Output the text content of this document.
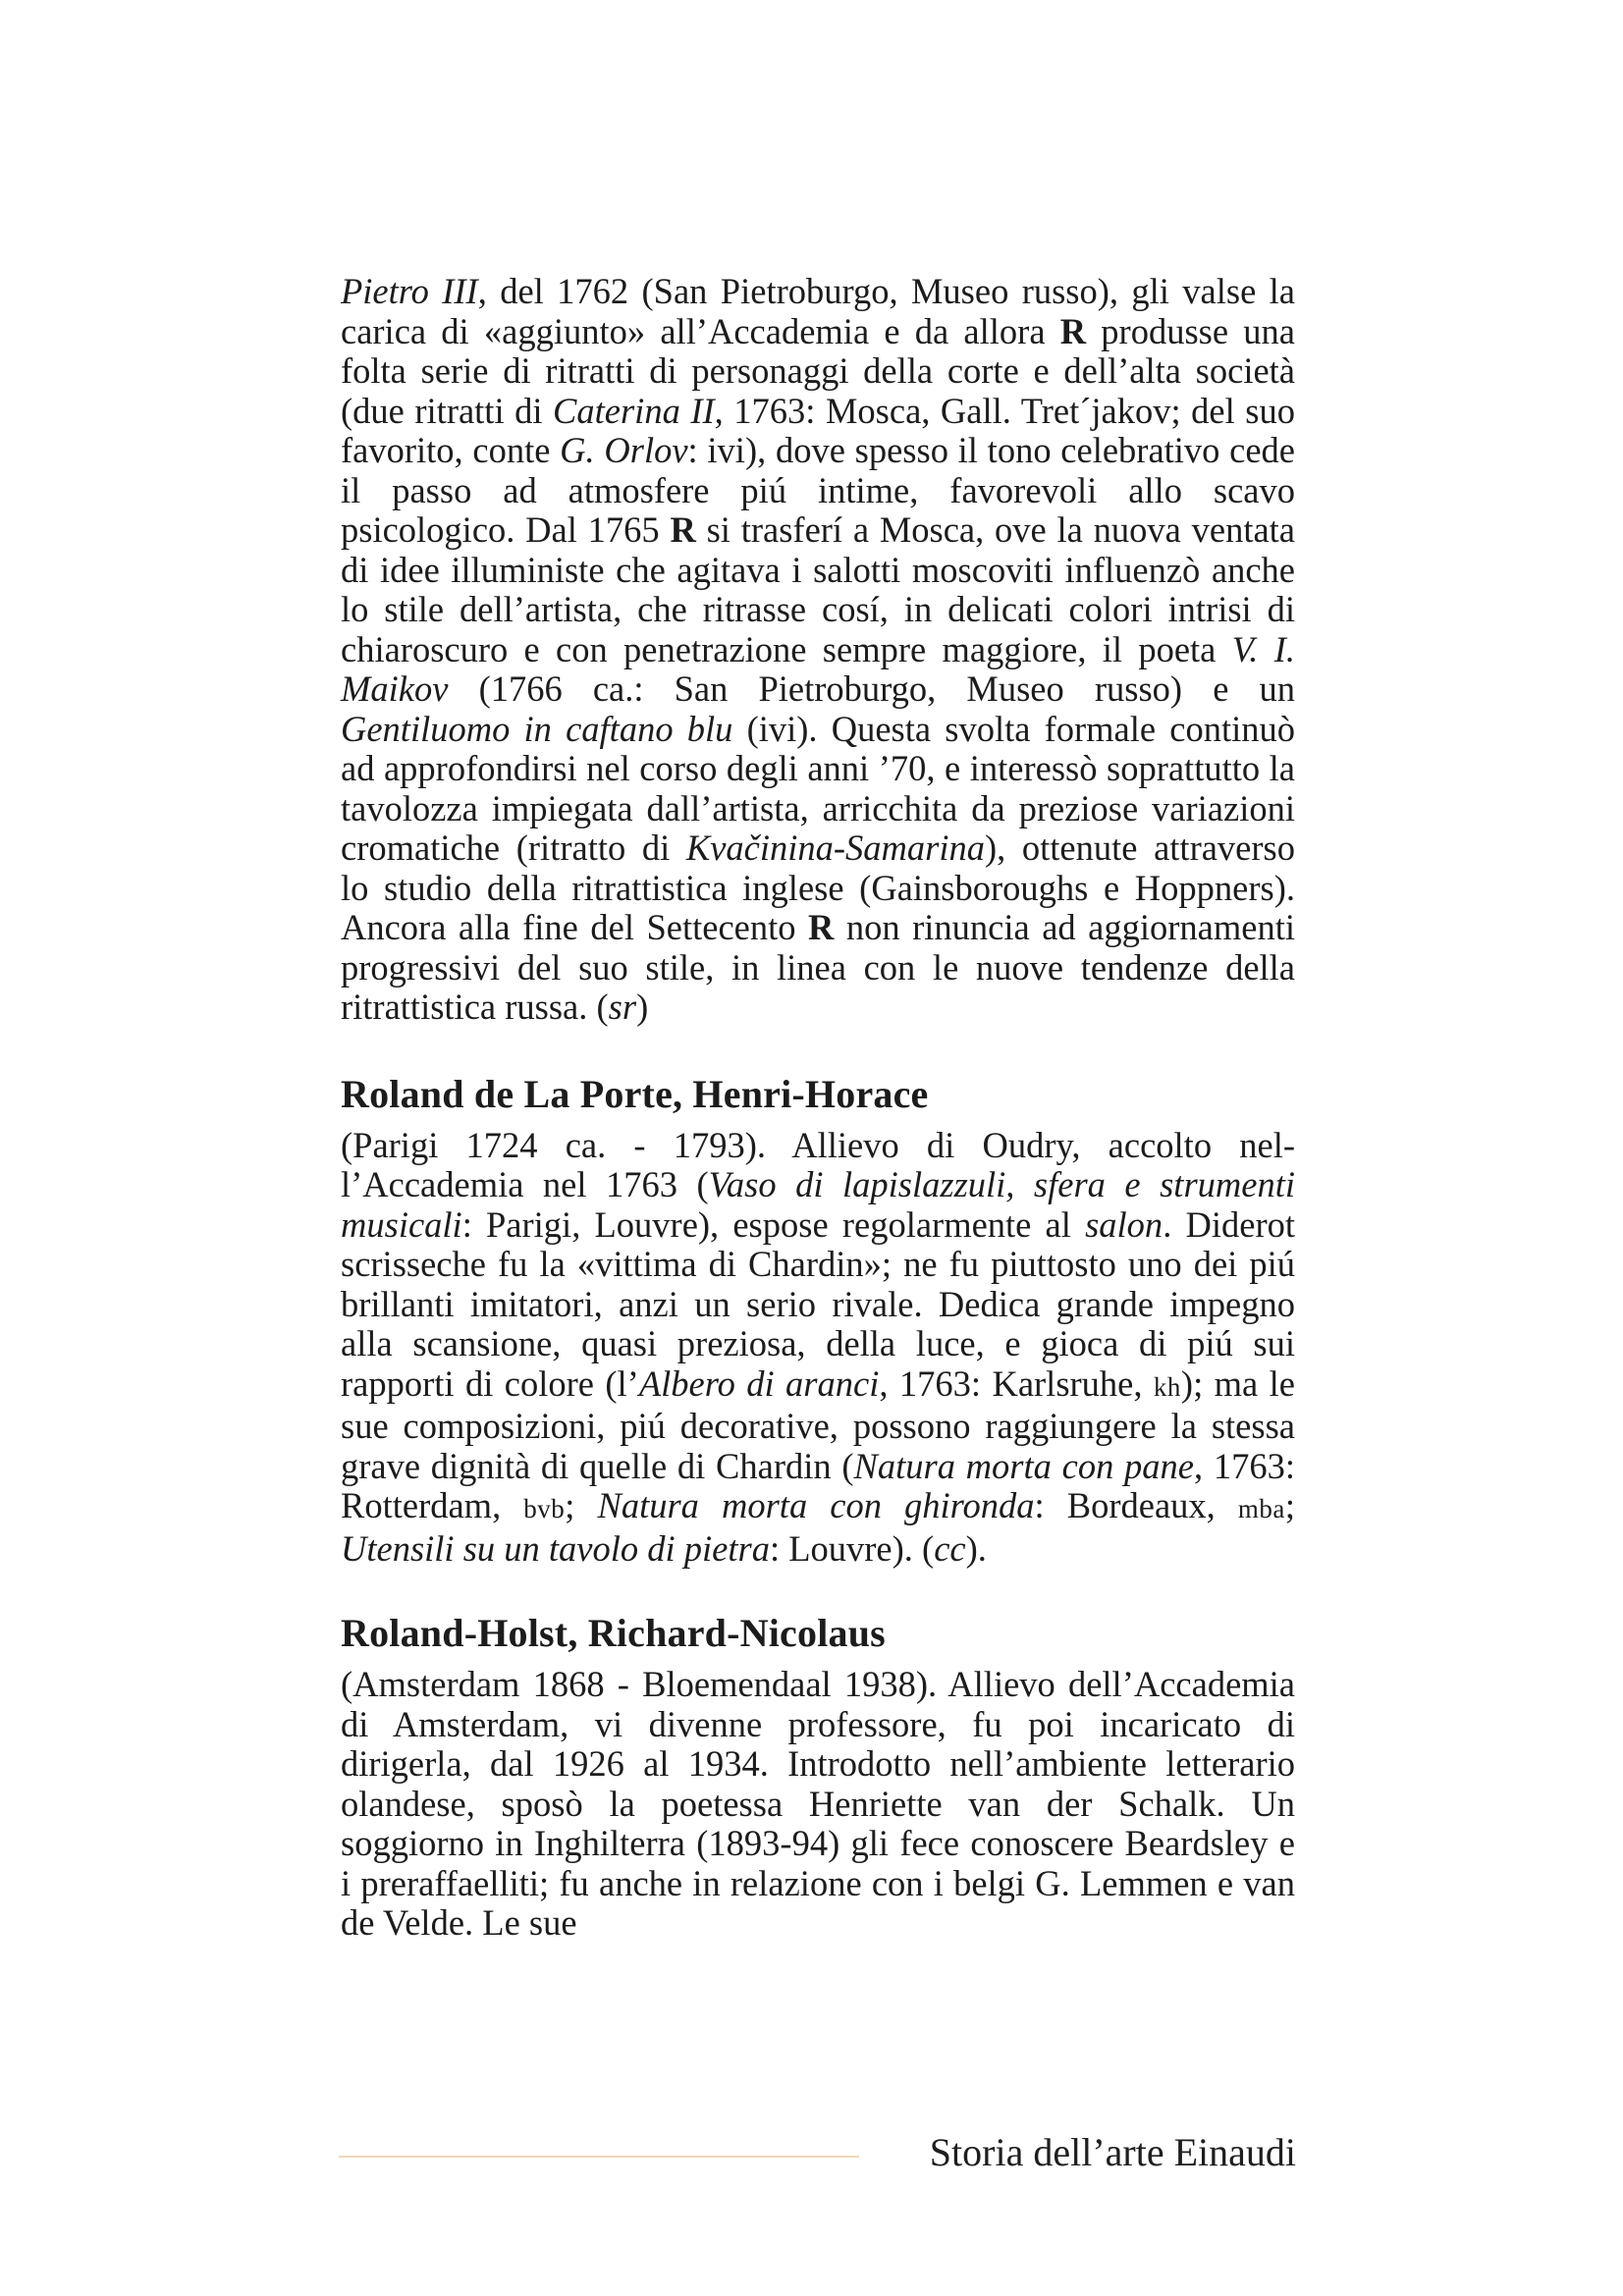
Pietro III, del 1762 (San Pietroburgo, Museo russo), gli valse la carica di «aggiunto» all’Accademia e da allora R produsse una folta serie di ritratti di personaggi della corte e dell’alta società (due ritratti di Caterina II, 1763: Mosca, Gall. Tret´jakov; del suo favorito, conte G. Orlov: ivi), dove spesso il tono celebrativo cede il passo ad atmosfere piú intime, favorevoli allo scavo psicologico. Dal 1765 R si trasferí a Mosca, ove la nuova ventata di idee illuministe che agitava i salotti moscoviti influenzò anche lo stile dell’artista, che ritrasse cosí, in delicati colori intrisi di chiaroscuro e con penetrazione sempre maggiore, il poeta V. I. Maikov (1766 ca.: San Pietroburgo, Museo russo) e un Gentiluomo in caftano blu (ivi). Questa svolta formale continuò ad approfondirsi nel corso degli anni ’70, e interessò soprattutto la tavolozza impiegata dall’artista, arricchita da preziose variazioni cromatiche (ritratto di Kvačinina-Samarina), ottenute attraverso lo studio della ritrattistica inglese (Gainsboroughs e Hoppners). Ancora alla fine del Settecento R non rinuncia ad aggiornamenti progressivi del suo stile, in linea con le nuove tendenze della ritrattistica russa. (sr)

Roland de La Porte, Henri-Horace

(Parigi 1724 ca. - 1793). Allievo di Oudry, accolto nell’Accademia nel 1763 (Vaso di lapislazzuli, sfera e strumenti musicali: Parigi, Louvre), espose regolarmente al salon. Diderot scrisseche fu la «vittima di Chardin»; ne fu piuttosto uno dei piú brillanti imitatori, anzi un serio rivale. Dedica grande impegno alla scansione, quasi preziosa, della luce, e gioca di piú sui rapporti di colore (l’Albero di aranci, 1763: Karlsruhe, kh); ma le sue composizioni, piú decorative, possono raggiungere la stessa grave dignità di quelle di Chardin (Natura morta con pane, 1763: Rotterdam, bvb; Natura morta con ghironda: Bordeaux, mba; Utensili su un tavolo di pietra: Louvre). (cc).

Roland-Holst, Richard-Nicolaus

(Amsterdam 1868 - Bloemendaal 1938). Allievo dell’Accademia di Amsterdam, vi divenne professore, fu poi incaricato di dirigerla, dal 1926 al 1934. Introdotto nell’ambiente letterario olandese, sposò la poetessa Henriette van der Schalk. Un soggiorno in Inghilterra (1893-94) gli fece conoscere Beardsley e i preraffaelliti; fu anche in relazione con i belgi G. Lemmen e van de Velde. Le sue

Storia dell’arte Einaudi
